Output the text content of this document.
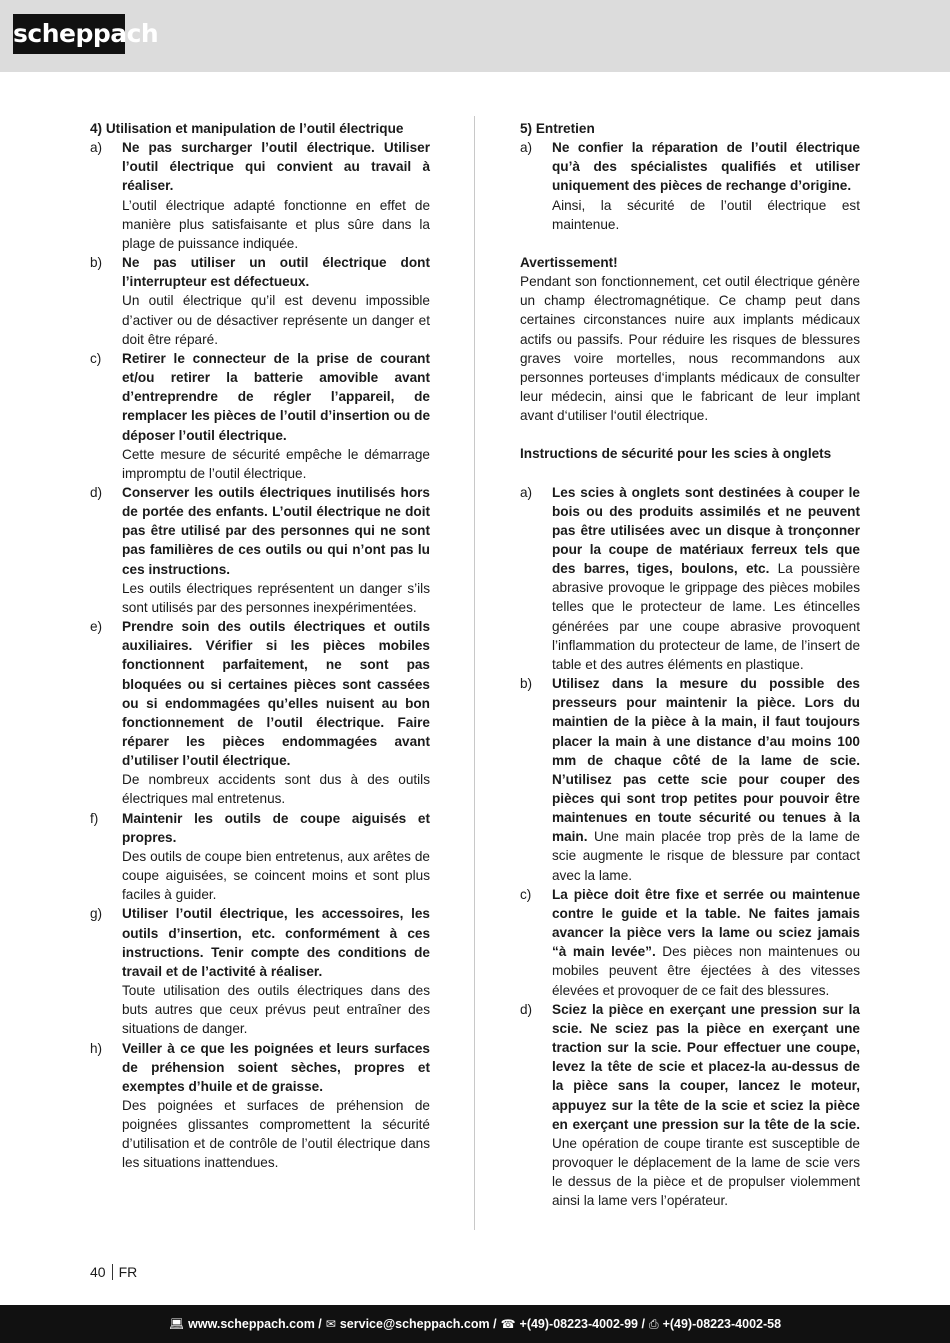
scheppach

4) Utilisation et manipulation de l’outil électrique

a)	Ne pas surcharger l’outil électrique. Utiliser l’outil électrique qui convient au travail à réaliser.

L’outil électrique adapté fonctionne en effet de manière plus satisfaisante et plus sûre dans la plage de puissance indiquée.

b)	Ne pas utiliser un outil électrique dont l’interrupteur est défectueux.

Un outil électrique qu’il est devenu impossible d’activer ou de désactiver représente un danger et doit être réparé.

c)	Retirer le connecteur de la prise de courant et/ou retirer la batterie amovible avant d’entreprendre de régler l’appareil, de remplacer les pièces de l’outil d’insertion ou de déposer l’outil électrique.

Cette mesure de sécurité empêche le démarrage impromptu de l’outil électrique.

d)	Conserver les outils électriques inutilisés hors de portée des enfants. L’outil électrique ne doit pas être utilisé par des personnes qui ne sont pas familières de ces outils ou qui n’ont pas lu ces instructions.

Les outils électriques représentent un danger s’ils sont utilisés par des personnes inexpérimentées.

e)	Prendre soin des outils électriques et outils auxiliaires. Vérifier si les pièces mobiles fonctionnent parfaitement, ne sont pas bloquées ou si certaines pièces sont cassées ou si endommagées qu’elles nuisent au bon fonctionnement de l’outil électrique. Faire réparer les pièces endommagées avant d’utiliser l’outil électrique.

De nombreux accidents sont dus à des outils électriques mal entretenus.

f)	Maintenir les outils de coupe aiguisés et propres.

Des outils de coupe bien entretenus, aux arêtes de coupe aiguisées, se coincent moins et sont plus faciles à guider.

g)	Utiliser l’outil électrique, les accessoires, les outils d’insertion, etc. conformément à ces instructions. Tenir compte des conditions de travail et de l’activité à réaliser.

Toute utilisation des outils électriques dans des buts autres que ceux prévus peut entraîner des situations de danger.

h)	Veiller à ce que les poignées et leurs surfaces de préhension soient sèches, propres et exemptes d’huile et de graisse.

Des poignées et surfaces de préhension de poignées glissantes compromettent la sécurité d’utilisation et de contrôle de l’outil électrique dans les situations inattendues.

5) Entretien

a)	Ne confier la réparation de l’outil électrique qu’à des spécialistes qualifiés et utiliser uniquement des pièces de rechange d’origine.

Ainsi, la sécurité de l’outil électrique est maintenue.

Avertissement!

Pendant son fonctionnement, cet outil électrique génère un champ électromagnétique. Ce champ peut dans certaines circonstances nuire aux implants médicaux actifs ou passifs. Pour réduire les risques de blessures graves voire mortelles, nous recommandons aux personnes porteuses d‘implants médicaux de consulter leur médecin, ainsi que le fabricant de leur implant avant d‘utiliser l‘outil électrique.

Instructions de sécurité pour les scies à onglets

a)	Les scies à onglets sont destinées à couper le bois ou des produits assimilés et ne peuvent pas être utilisées avec un disque à tronçonner pour la coupe de matériaux ferreux tels que des barres, tiges, boulons, etc. La poussière abrasive provoque le grippage des pièces mobiles telles que le protecteur de lame. Les étincelles générées par une coupe abrasive provoquent l’inflammation du protecteur de lame, de l’insert de table et des autres éléments en plastique.

b)	Utilisez dans la mesure du possible des presseurs pour maintenir la pièce. Lors du maintien de la pièce à la main, il faut toujours placer la main à une distance d’au moins 100 mm de chaque côté de la lame de scie. N’utilisez pas cette scie pour couper des pièces qui sont trop petites pour pouvoir être maintenues en toute sécurité ou tenues à la main. Une main placée trop près de la lame de scie augmente le risque de blessure par contact avec la lame.

c)	La pièce doit être fixe et serrée ou maintenue contre le guide et la table. Ne faites jamais avancer la pièce vers la lame ou sciez jamais “à main levée”. Des pièces non maintenues ou mobiles peuvent être éjectées à des vitesses élevées et provoquer de ce fait des blessures.

d)	Sciez la pièce en exerçant une pression sur la scie. Ne sciez pas la pièce en exerçant une traction sur la scie. Pour effectuer une coupe, levez la tête de scie et placez-la au-dessus de la pièce sans la couper, lancez le moteur, appuyez sur la tête de la scie et sciez la pièce en exerçant une pression sur la tête de la scie. Une opération de coupe tirante est susceptible de provoquer le déplacement de la lame de scie vers le dessus de la pièce et de propulser violemment ainsi la lame vers l’opérateur.

40 FR
💻︎ www.scheppach.com / ✉︎ service@scheppach.com / ☎︎ +(49)-08223-4002-99 / ⎙ +(49)-08223-4002-58
